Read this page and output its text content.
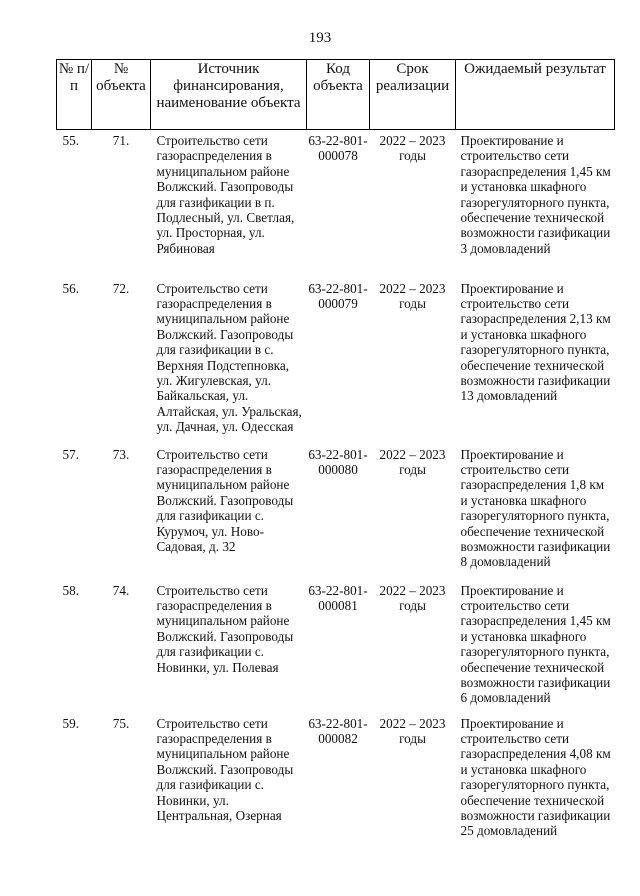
193
№ п/п	№ объекта	Источник финансирования, наименование объекта	Код объекта	Срок реализации	Ожидаемый результат

55.	71.	Строительство сети газораспределения в муниципальном районе Волжский. Газопроводы для газификации в п. Подлесный, ул. Светлая, ул. Просторная, ул. Рябиновая	63-22-801-000078	2022 – 2023 годы	Проектирование и строительство сети газораспределения 1,45 км и установка шкафного газорегуляторного пункта, обеспечение технической возможности газификации 3 домовладений

56.	72.	Строительство сети газораспределения в муниципальном районе Волжский. Газопроводы для газификации в с. Верхняя Подстепновка, ул. Жигулевская, ул. Байкальская, ул. Алтайская, ул. Уральская, ул. Дачная, ул. Одесская	63-22-801-000079	2022 – 2023 годы	Проектирование и строительство сети газораспределения 2,13 км и установка шкафного газорегуляторного пункта, обеспечение технической возможности газификации 13 домовладений

57.	73.	Строительство сети газораспределения в муниципальном районе Волжский. Газопроводы для газификации с. Курумоч, ул. Ново-Садовая, д. 32	63-22-801-000080	2022 – 2023 годы	Проектирование и строительство сети газораспределения 1,8 км и установка шкафного газорегуляторного пункта, обеспечение технической возможности газификации 8 домовладений

58.	74.	Строительство сети газораспределения в муниципальном районе Волжский. Газопроводы для газификации с. Новинки, ул. Полевая	63-22-801-000081	2022 – 2023 годы	Проектирование и строительство сети газораспределения 1,45 км и установка шкафного газорегуляторного пункта, обеспечение технической возможности газификации 6 домовладений

59.	75.	Строительство сети газораспределения в муниципальном районе Волжский. Газопроводы для газификации с. Новинки, ул. Центральная, Озерная	63-22-801-000082	2022 – 2023 годы	Проектирование и строительство сети газораспределения 4,08 км и установка шкафного газорегуляторного пункта, обеспечение технической возможности газификации 25 домовладений
